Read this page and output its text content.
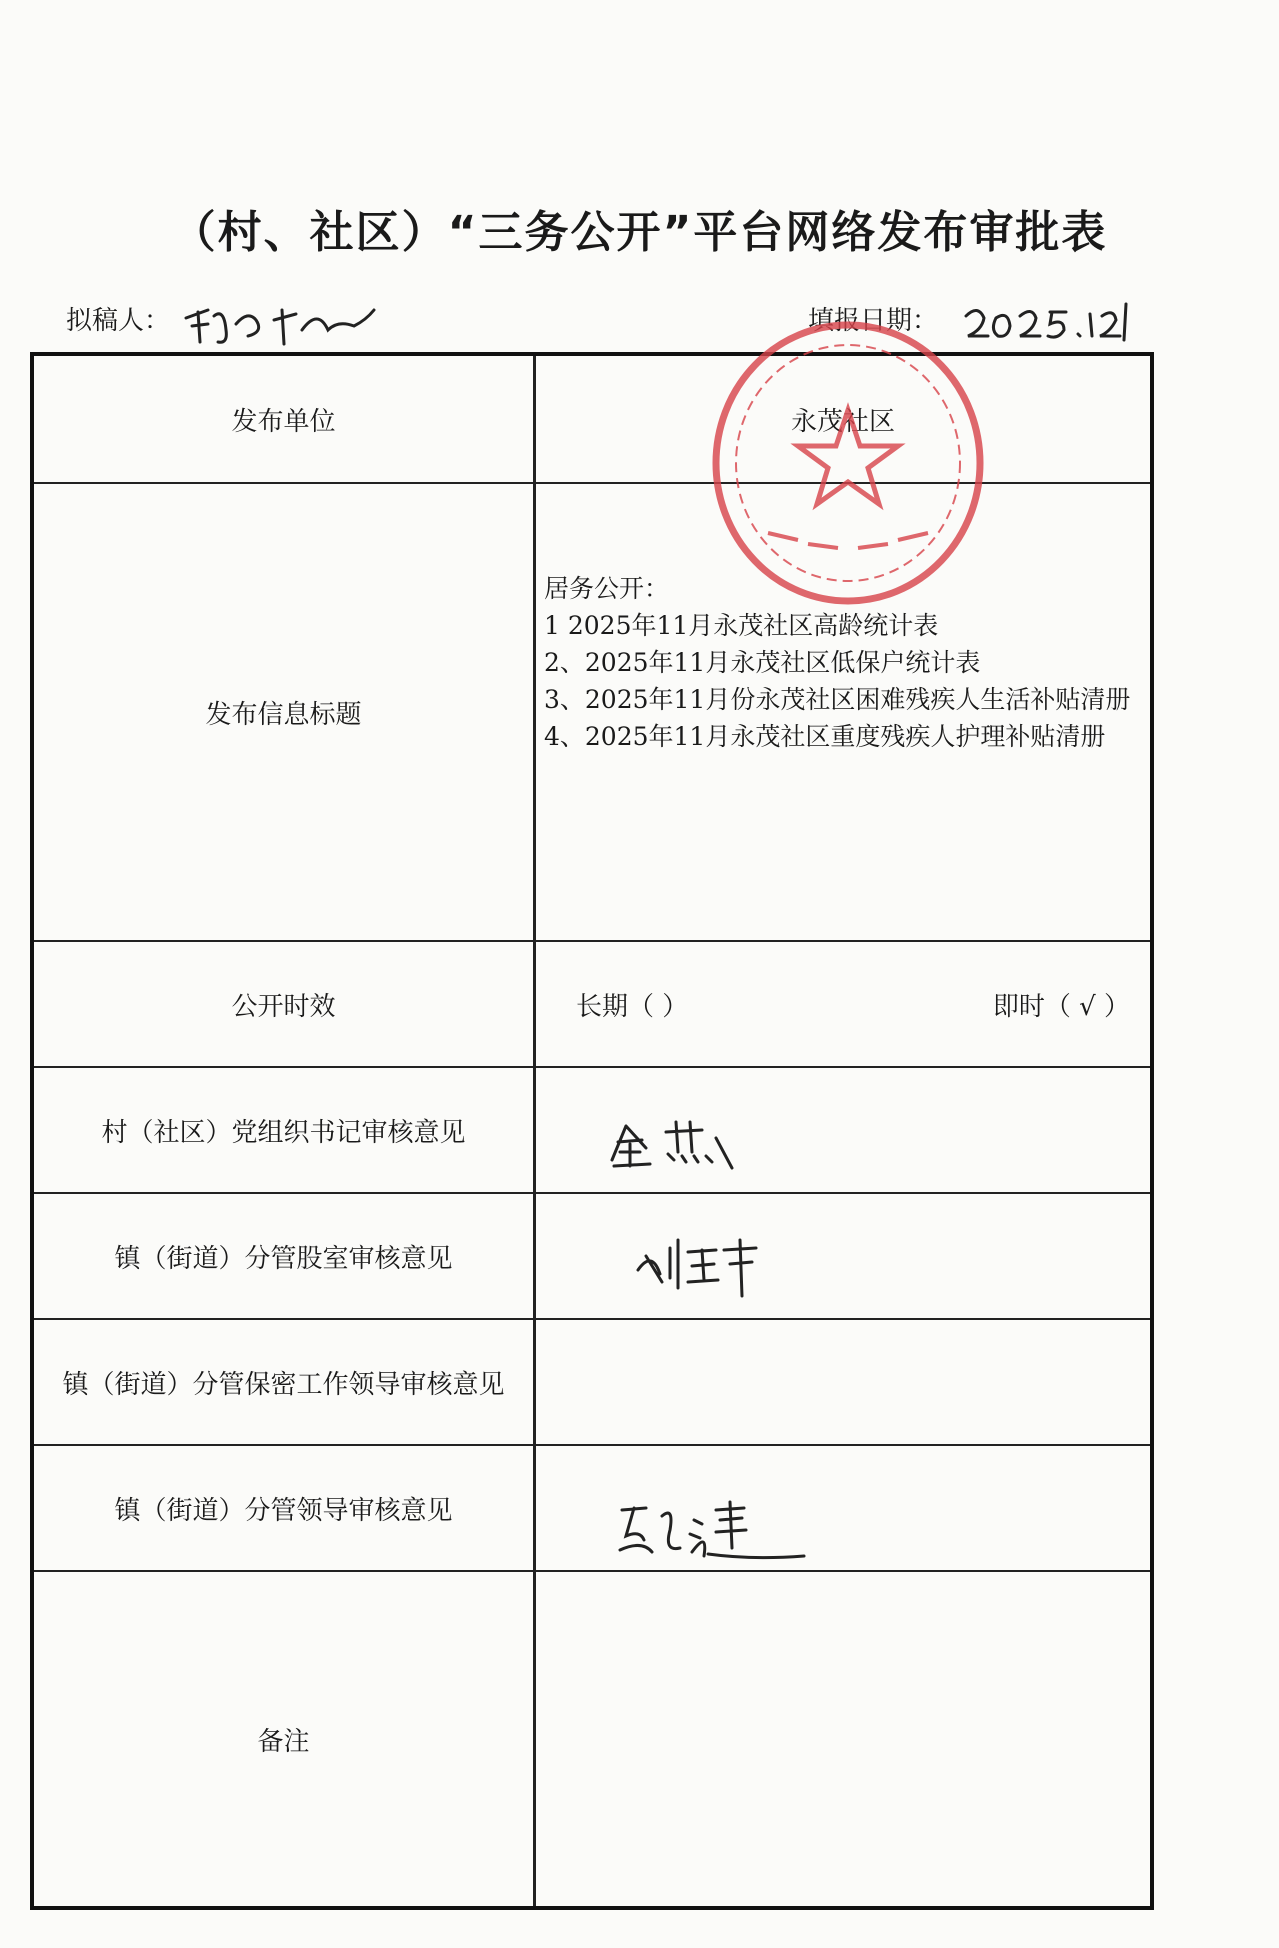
（村、社区）“三务公开”平台网络发布审批表
拟稿人：	填报日期：
发布单位	永茂社区
发布信息标题
居务公开：
1 2025年11月永茂社区高龄统计表
2、2025年11月永茂社区低保户统计表
3、2025年11月份永茂社区困难残疾人生活补贴清册
4、2025年11月永茂社区重度残疾人护理补贴清册
公开时效	长期（ ）	即时（ √ ）
村（社区）党组织书记审核意见
镇（街道）分管股室审核意见
镇（街道）分管保密工作领导审核意见
镇（街道）分管领导审核意见
备注
